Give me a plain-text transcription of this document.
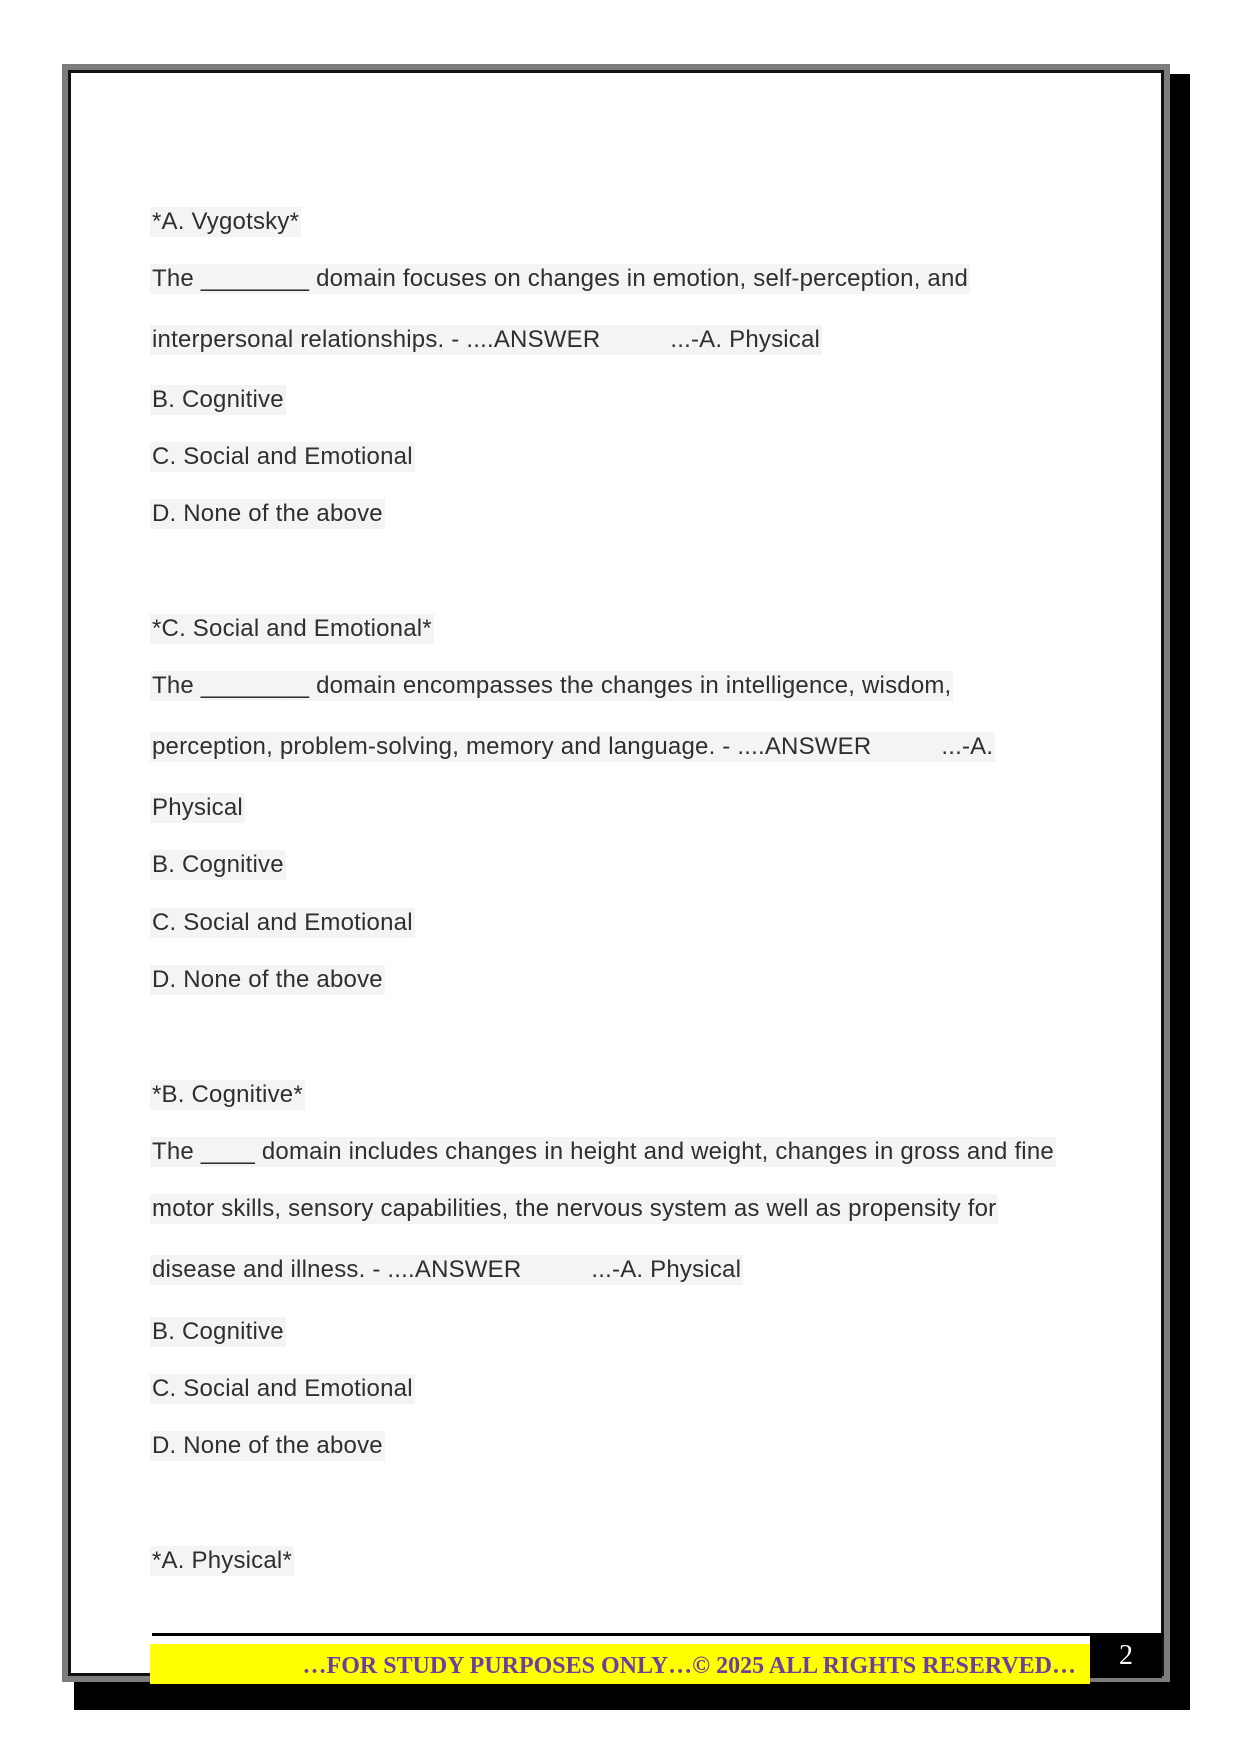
*A. Vygotsky*
The ________ domain focuses on changes in emotion, self-perception, and
interpersonal relationships. - ....ANSWER	...-A. Physical
B. Cognitive
C. Social and Emotional
D. None of the above
*C. Social and Emotional*
The ________ domain encompasses the changes in intelligence, wisdom,
perception, problem-solving, memory and language. - ....ANSWER	...-A.
Physical
B. Cognitive
C. Social and Emotional
D. None of the above
*B. Cognitive*
The ____ domain includes changes in height and weight, changes in gross and fine
motor skills, sensory capabilities, the nervous system as well as propensity for
disease and illness. - ....ANSWER	...-A. Physical
B. Cognitive
C. Social and Emotional
D. None of the above
*A. Physical*
…FOR STUDY PURPOSES ONLY…© 2025 ALL RIGHTS RESERVED…	2
